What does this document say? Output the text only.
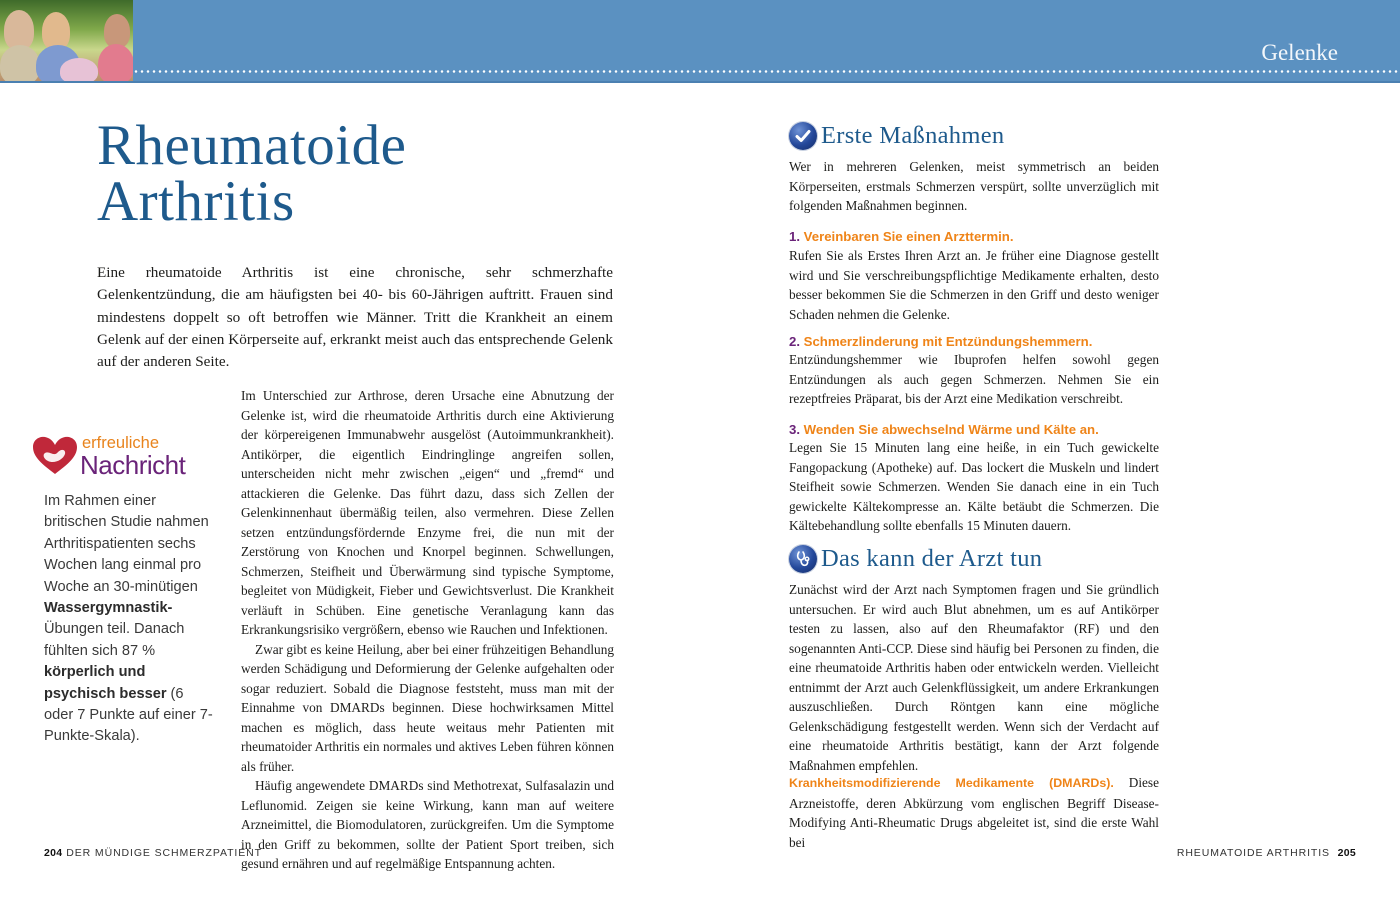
Gelenke
Rheumatoide
Arthritis
Eine rheumatoide Arthritis ist eine chronische, sehr schmerzhafte Gelenkentzündung, die am häufigsten bei 40- bis 60-Jährigen auftritt. Frauen sind mindestens doppelt so oft betroffen wie Männer. Tritt die Krankheit an einem Gelenk auf der einen Körperseite auf, erkrankt meist auch das entsprechende Gelenk auf der anderen Seite.
erfreuliche
Nachricht
Im Rahmen einer britischen Studie nahmen Arthritispatienten sechs Wochen lang einmal pro Woche an 30-minütigen Wassergymnastik- Übungen teil. Danach fühlten sich 87 % körperlich und psychisch besser (6 oder 7 Punkte auf einer 7-Punkte-Skala).

Im Unterschied zur Arthrose, deren Ursache eine Abnutzung der Gelenke ist, wird die rheumatoide Arthritis durch eine Aktivierung der körpereigenen Immunabwehr ausgelöst (Autoimmunkrankheit). Antikörper, die eigentlich Eindringlinge angreifen sollen, unterscheiden nicht mehr zwischen „eigen“ und „fremd“ und attackieren die Gelenke. Das führt dazu, dass sich Zellen der Gelenkinnenhaut übermäßig teilen, also vermehren. Diese Zellen setzen entzündungsfördernde Enzyme frei, die nun mit der Zerstörung von Knochen und Knorpel beginnen. Schwellungen, Schmerzen, Steifheit und Überwärmung sind typische Symptome, begleitet von Müdigkeit, Fieber und Gewichtsverlust. Die Krankheit verläuft in Schüben. Eine genetische Veranlagung kann das Erkrankungsrisiko vergrößern, ebenso wie Rauchen und Infektionen.

Zwar gibt es keine Heilung, aber bei einer frühzeitigen Behandlung werden Schädigung und Deformierung der Gelenke aufgehalten oder sogar reduziert. Sobald die Diagnose feststeht, muss man mit der Einnahme von DMARDs beginnen. Diese hochwirksamen Mittel machen es möglich, dass heute weitaus mehr Patienten mit rheumatoider Arthritis ein normales und aktives Leben führen können als früher.

Häufig angewendete DMARDs sind Methotrexat, Sulfasalazin und Leflunomid. Zeigen sie keine Wirkung, kann man auf weitere Arzneimittel, die Biomodulatoren, zurückgreifen. Um die Symptome in den Griff zu bekommen, sollte der Patient Sport treiben, sich gesund ernähren und auf regelmäßige Entspannung achten.

204 DER MÜNDIGE SCHMERZPATIENT
Erste Maßnahmen

Wer in mehreren Gelenken, meist symmetrisch an beiden Körperseiten, erstmals Schmerzen verspürt, sollte unverzüglich mit folgenden Maßnahmen beginnen.

1. Vereinbaren Sie einen Arzttermin.

Rufen Sie als Erstes Ihren Arzt an. Je früher eine Diagnose gestellt wird und Sie verschreibungspflichtige Medikamente erhalten, desto besser bekommen Sie die Schmerzen in den Griff und desto weniger Schaden nehmen die Gelenke.

2. Schmerzlinderung mit Entzündungshemmern.

Entzündungshemmer wie Ibuprofen helfen sowohl gegen Entzündungen als auch gegen Schmerzen. Nehmen Sie ein rezeptfreies Präparat, bis der Arzt eine Medikation verschreibt.

3. Wenden Sie abwechselnd Wärme und Kälte an.

Legen Sie 15 Minuten lang eine heiße, in ein Tuch gewickelte Fangopackung (Apotheke) auf. Das lockert die Muskeln und lindert Steifheit sowie Schmerzen. Wenden Sie danach eine in ein Tuch gewickelte Kältekompresse an. Kälte betäubt die Schmerzen. Die Kältebehandlung sollte ebenfalls 15 Minuten dauern.

Das kann der Arzt tun

Zunächst wird der Arzt nach Symptomen fragen und Sie gründlich untersuchen. Er wird auch Blut abnehmen, um es auf Antikörper testen zu lassen, also auf den Rheumafaktor (RF) und den sogenannten Anti-CCP. Diese sind häufig bei Personen zu finden, die eine rheumatoide Arthritis haben oder entwickeln werden. Vielleicht entnimmt der Arzt auch Gelenkflüssigkeit, um andere Erkrankungen auszuschließen. Durch Röntgen kann eine mögliche Gelenkschädigung festgestellt werden. Wenn sich der Verdacht auf eine rheumatoide Arthritis bestätigt, kann der Arzt folgende Maßnahmen empfehlen.

Krankheitsmodifizierende Medikamente (DMARDs). Diese Arzneistoffe, deren Abkürzung vom englischen Begriff Disease-Modifying Anti-Rheumatic Drugs abgeleitet ist, sind die erste Wahl bei

RHEUMATOIDE ARTHRITIS 205
